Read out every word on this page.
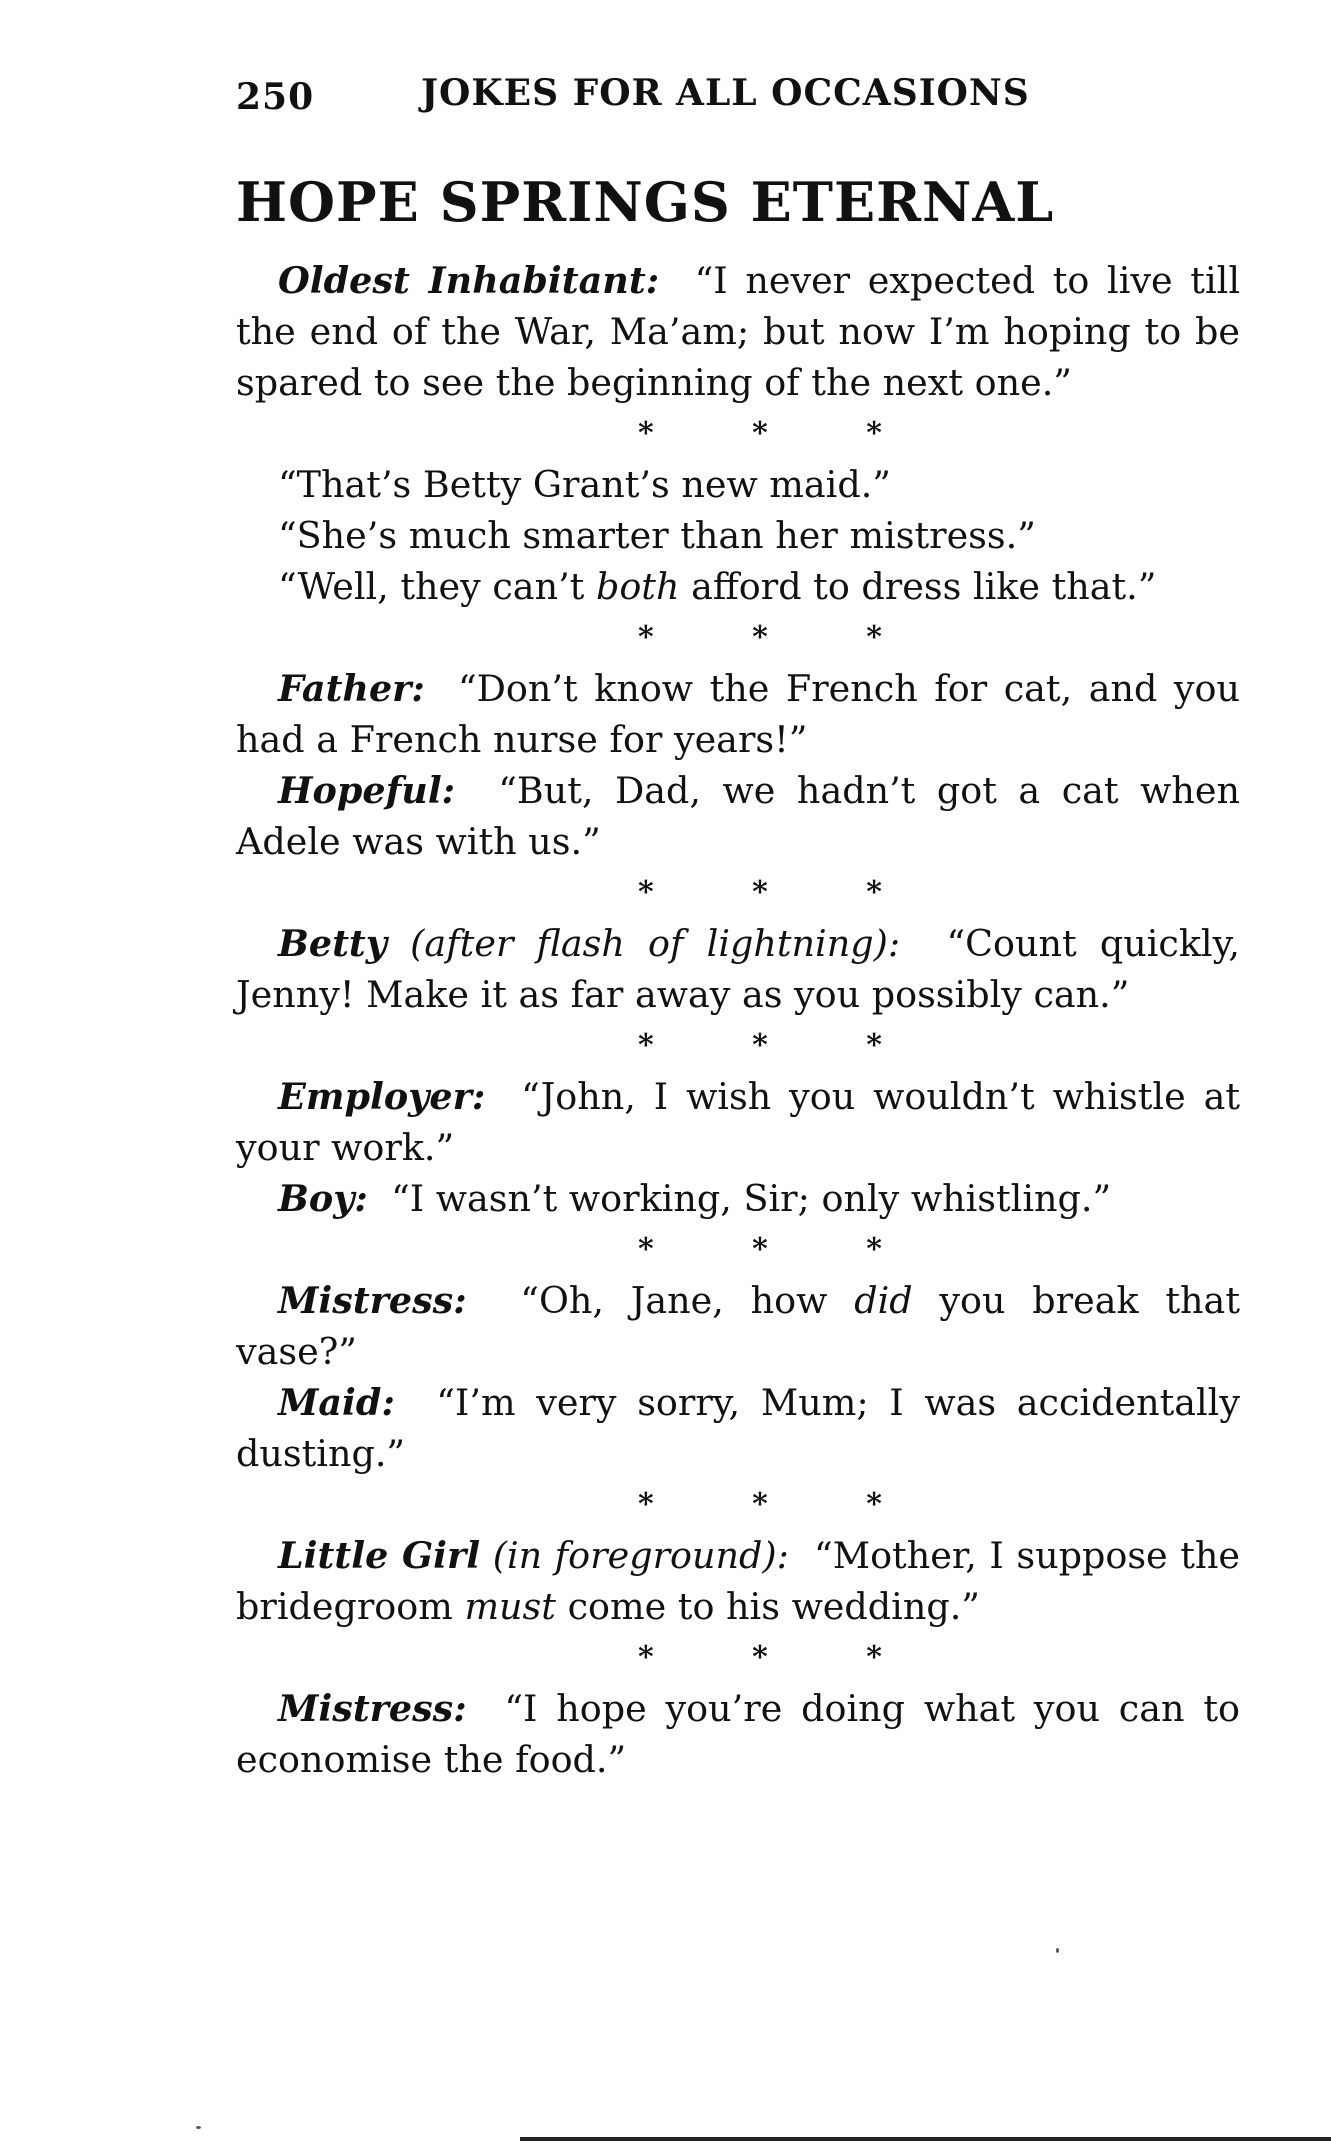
250	JOKES FOR ALL OCCASIONS
HOPE SPRINGS ETERNAL

Oldest Inhabitant: “I never expected to live till the end of the War, Ma’am; but now I’m hoping to be spared to see the beginning of the next one.”

* * *

“That’s Betty Grant’s new maid.”

“She’s much smarter than her mistress.”

“Well, they can’t both afford to dress like that.”

* * *

Father: “Don’t know the French for cat, and you had a French nurse for years!”

Hopeful: “But, Dad, we hadn’t got a cat when Adele was with us.”

* * *

Betty (after flash of lightning): “Count quickly, Jenny! Make it as far away as you possibly can.”

* * *

Employer: “John, I wish you wouldn’t whistle at your work.”

Boy: “I wasn’t working, Sir; only whistling.”

* * *

Mistress: “Oh, Jane, how did you break that vase?”

Maid: “I’m very sorry, Mum; I was accidentally dusting.”

* * *

Little Girl (in foreground): “Mother, I suppose the bridegroom must come to his wedding.”

* * *

Mistress: “I hope you’re doing what you can to economise the food.”
